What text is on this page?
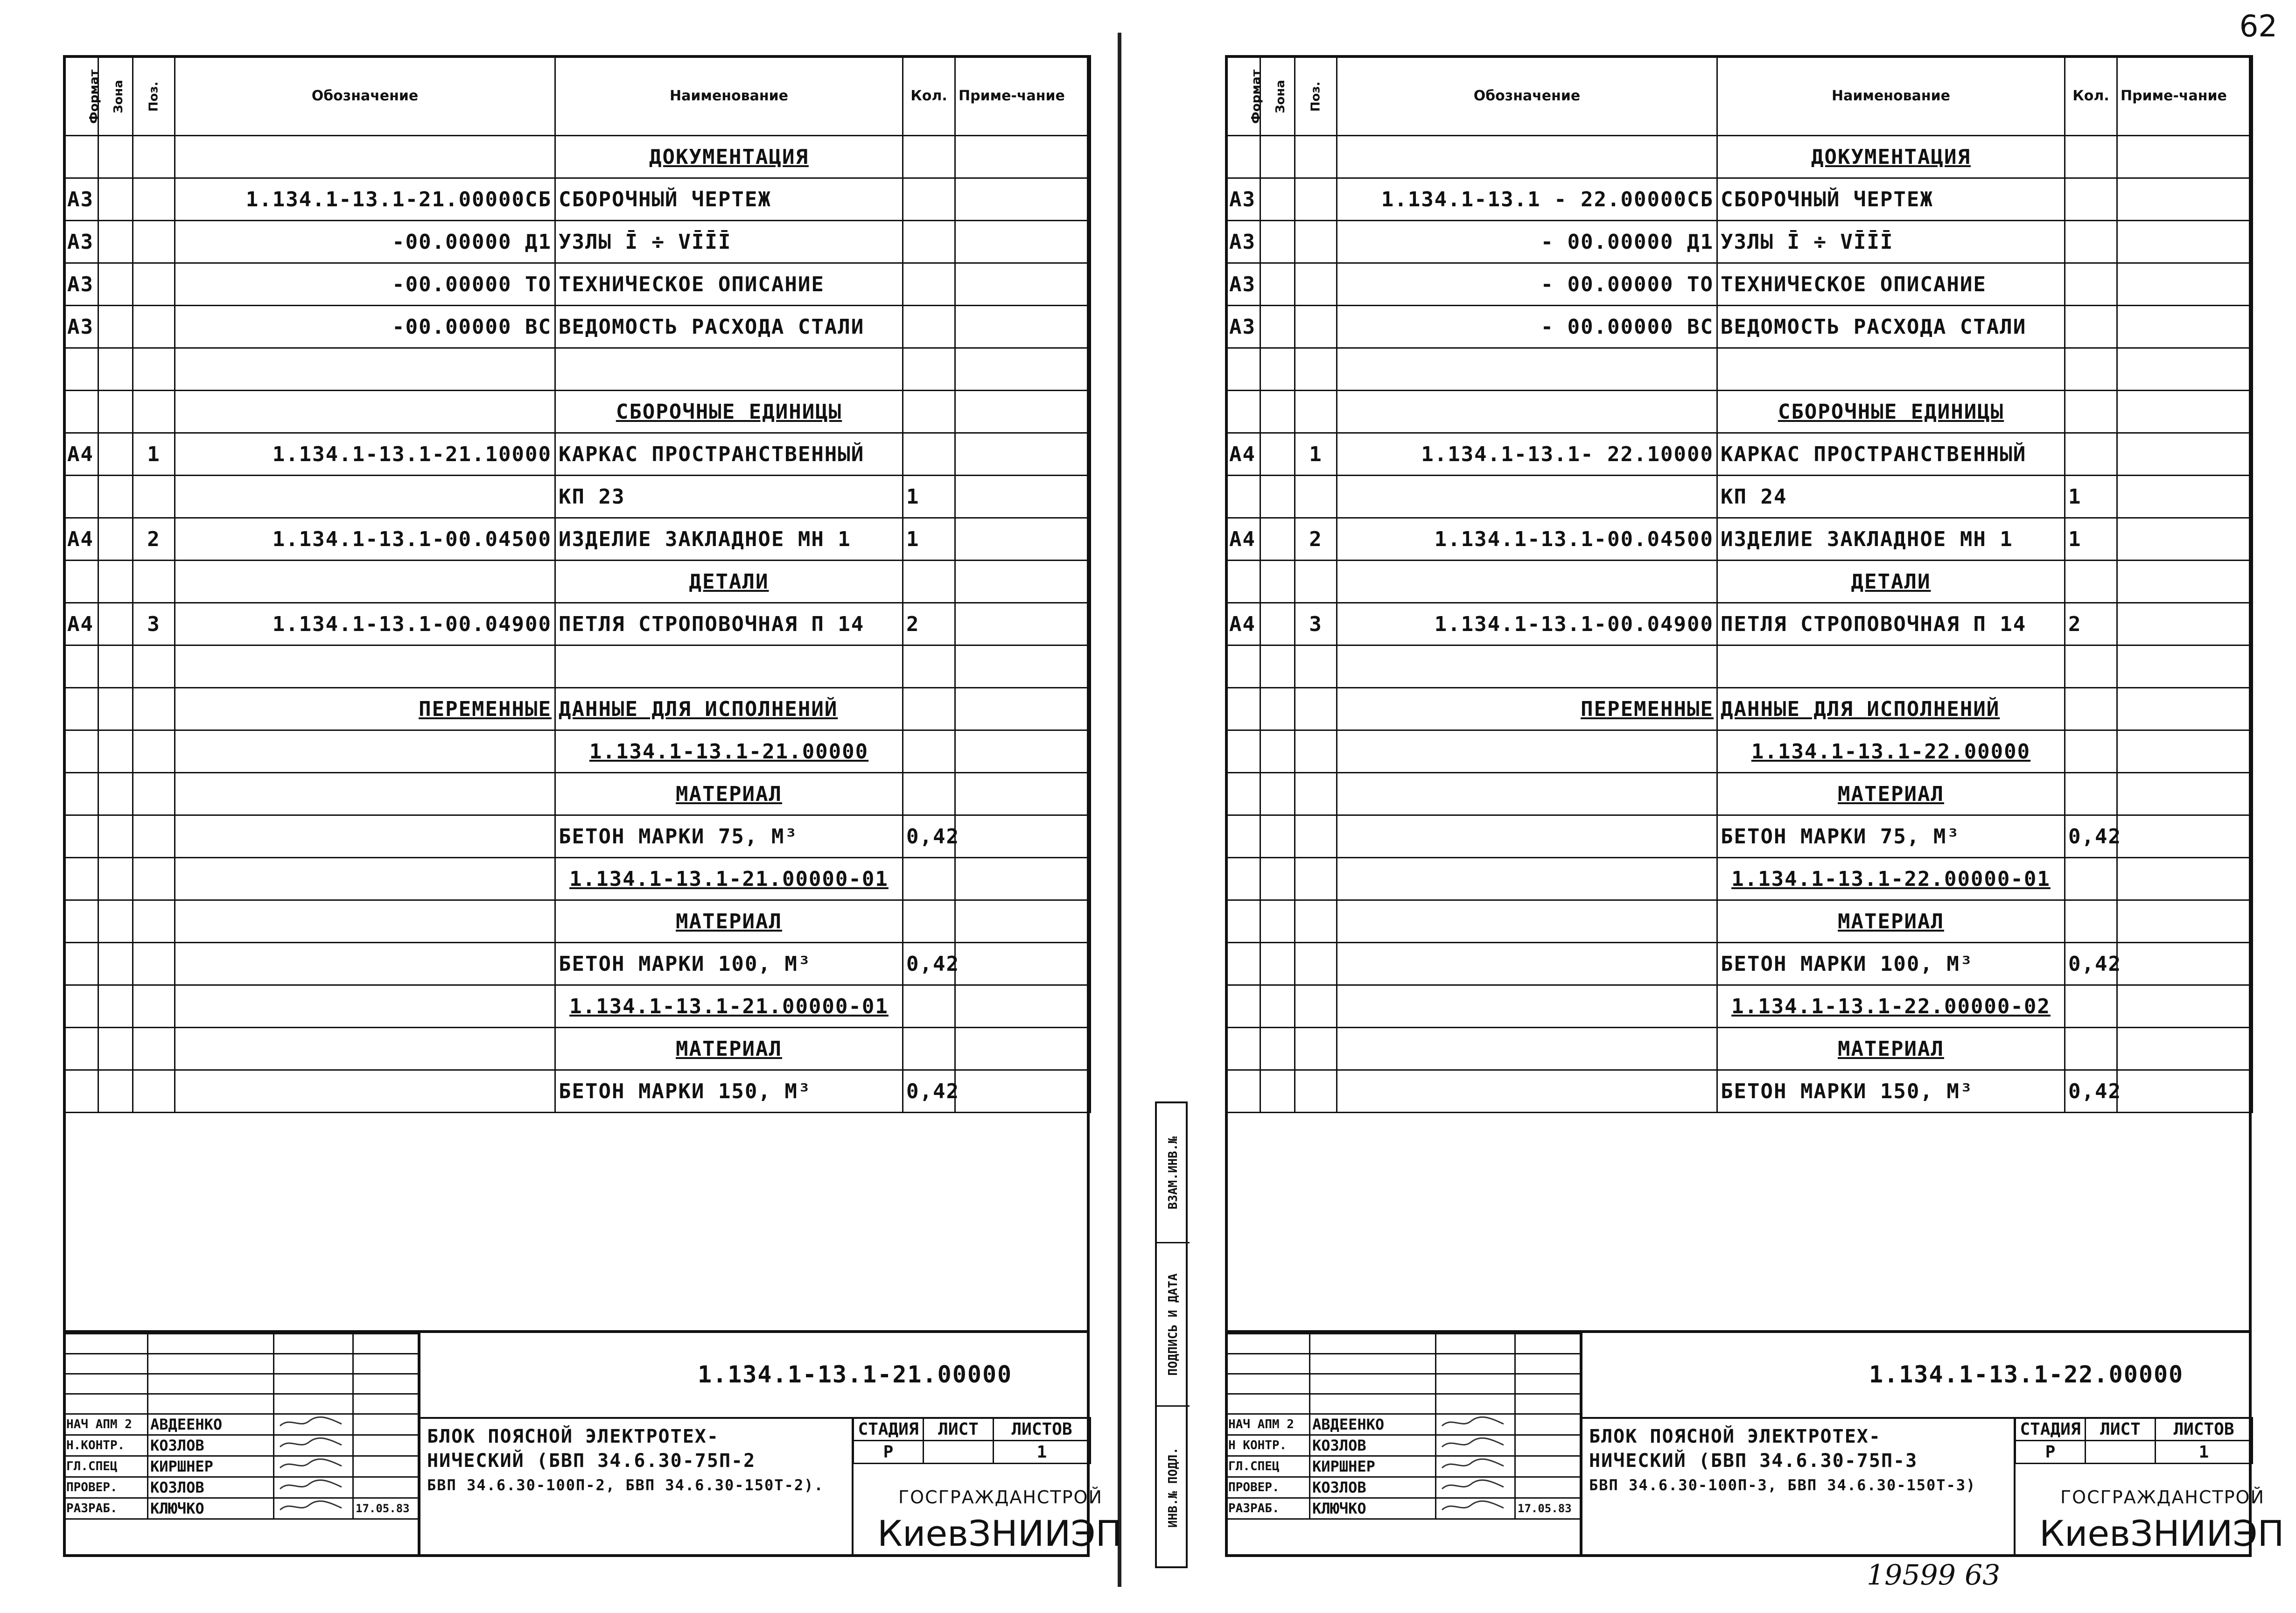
62
Формат	Зона	Поз.	Обозначение	Наименование	Кол.	Приме-чание
				ДОКУМЕНТАЦИЯ		
А3			1.134.1-13.1-21.00000СБ	СБОРОЧНЫЙ ЧЕРТЕЖ		
А3			-00.00000 Д1	УЗЛЫ Ī ÷ VĪĪĪ		
А3			-00.00000 ТО	ТЕХНИЧЕСКОЕ ОПИСАНИЕ		
А3			-00.00000 ВС	ВЕДОМОСТЬ РАСХОДА СТАЛИ		

				СБОРОЧНЫЕ ЕДИНИЦЫ		
А4		1	1.134.1-13.1-21.10000	КАРКАС ПРОСТРАНСТВЕННЫЙ		
				КП 23	1	
А4		2	1.134.1-13.1-00.04500	ИЗДЕЛИЕ ЗАКЛАДНОЕ МН 1	1	
				ДЕТАЛИ		
А4		3	1.134.1-13.1-00.04900	ПЕТЛЯ СТРОПОВОЧНАЯ П 14	2	

			ПЕРЕМЕННЫЕ	ДАННЫЕ ДЛЯ ИСПОЛНЕНИЙ		
				1.134.1-13.1-21.00000		
				МАТЕРИАЛ		
				БЕТОН МАРКИ 75, М³	0,42	
				1.134.1-13.1-21.00000-01		
				МАТЕРИАЛ		
				БЕТОН МАРКИ 100, М³	0,42	
				1.134.1-13.1-21.00000-01		
				МАТЕРИАЛ		
				БЕТОН МАРКИ 150, М³	0,42	

НАЧ АПМ 2	АВДЕЕНКО		
Н.КОНТР.	КОЗЛОВ		
ГЛ.СПЕЦ	КИРШНЕР		
ПРОВЕР.	КОЗЛОВ		
РАЗРАБ.	КЛЮЧКО		17.05.83
1.134.1-13.1-21.00000
БЛОК ПОЯСНОЙ ЭЛЕКТРОТЕХ-
НИЧЕСКИЙ (БВП 34.6.30-75П-2
БВП 34.6.30-100П-2, БВП 34.6.30-150Т-2).
СТАДИЯ	ЛИСТ	ЛИСТОВ
Р		1
ГОСГРАЖДАНСТРОЙ
КиевЗНИИЭП
ВЗАМ.ИНВ.№
ПОДПИСЬ И ДАТА
ИНВ.№ ПОДЛ.
Формат	Зона	Поз.	Обозначение	Наименование	Кол.	Приме-чание
				ДОКУМЕНТАЦИЯ		
А3			1.134.1-13.1 - 22.00000СБ	СБОРОЧНЫЙ ЧЕРТЕЖ		
А3			- 00.00000 Д1	УЗЛЫ Ī ÷ VĪĪĪ		
А3			- 00.00000 ТО	ТЕХНИЧЕСКОЕ ОПИСАНИЕ		
А3			- 00.00000 ВС	ВЕДОМОСТЬ РАСХОДА СТАЛИ		

				СБОРОЧНЫЕ ЕДИНИЦЫ		
А4		1	1.134.1-13.1- 22.10000	КАРКАС ПРОСТРАНСТВЕННЫЙ		
				КП 24	1	
А4		2	1.134.1-13.1-00.04500	ИЗДЕЛИЕ ЗАКЛАДНОЕ МН 1	1	
				ДЕТАЛИ		
А4		3	1.134.1-13.1-00.04900	ПЕТЛЯ СТРОПОВОЧНАЯ П 14	2	

			ПЕРЕМЕННЫЕ	ДАННЫЕ ДЛЯ ИСПОЛНЕНИЙ		
				1.134.1-13.1-22.00000		
				МАТЕРИАЛ		
				БЕТОН МАРКИ 75, М³	0,42	
				1.134.1-13.1-22.00000-01		
				МАТЕРИАЛ		
				БЕТОН МАРКИ 100, М³	0,42	
				1.134.1-13.1-22.00000-02		
				МАТЕРИАЛ		
				БЕТОН МАРКИ 150, М³	0,42	

НАЧ АПМ 2	АВДЕЕНКО		
Н КОНТР.	КОЗЛОВ		
ГЛ.СПЕЦ	КИРШНЕР		
ПРОВЕР.	КОЗЛОВ		
РАЗРАБ.	КЛЮЧКО		17.05.83
1.134.1-13.1-22.00000
БЛОК ПОЯСНОЙ ЭЛЕКТРОТЕХ-
НИЧЕСКИЙ (БВП 34.6.30-75П-3
БВП 34.6.30-100П-3, БВП 34.6.30-150Т-3)
СТАДИЯ	ЛИСТ	ЛИСТОВ
Р		1
ГОСГРАЖДАНСТРОЙ
КиевЗНИИЭП
19599 63
